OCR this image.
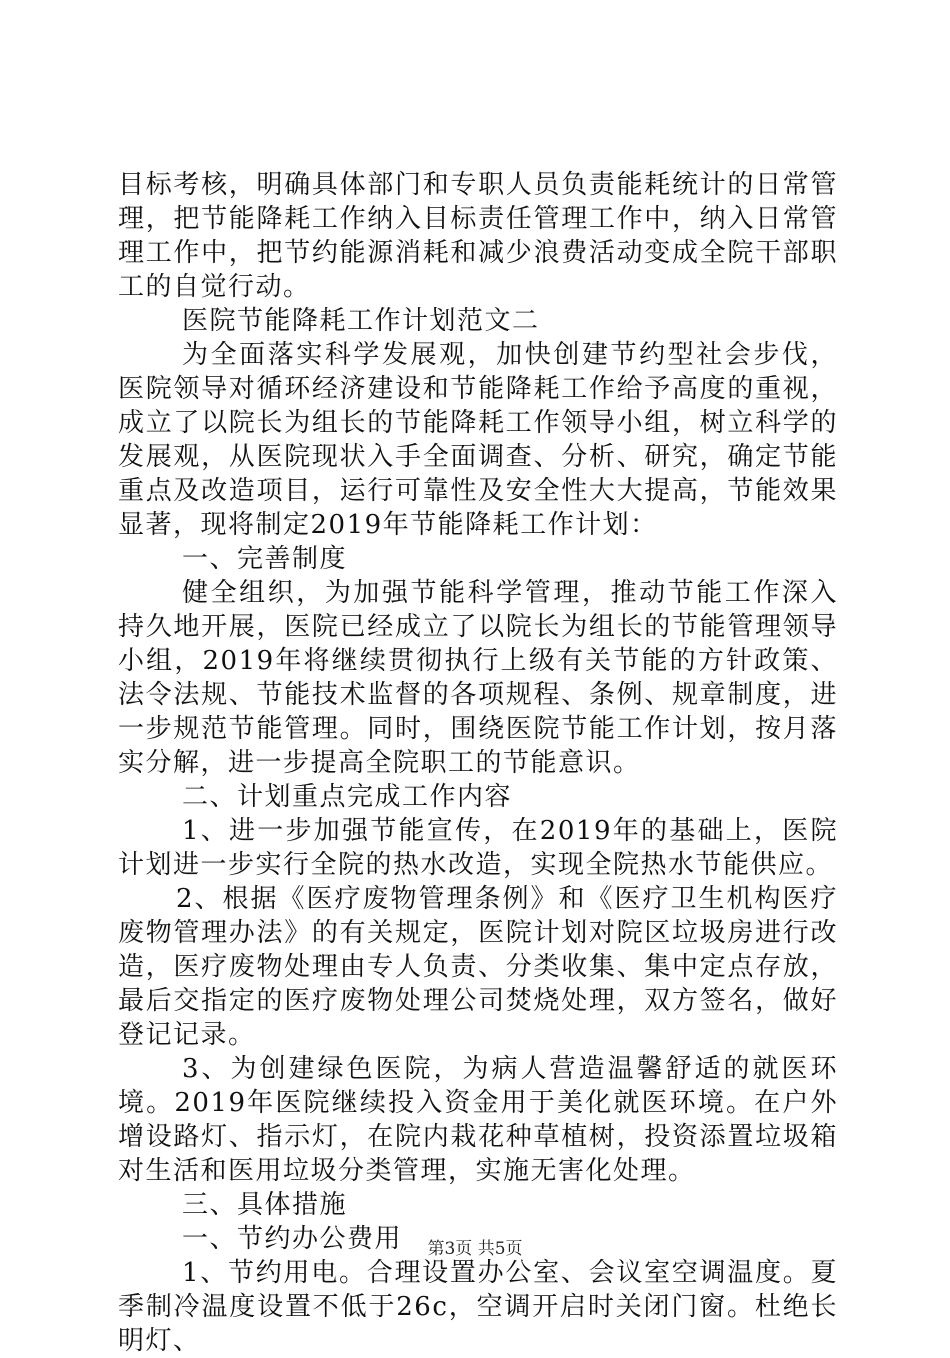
目标考核，明确具体部门和专职人员负责能耗统计的日常管理，把节能降耗工作纳入目标责任管理工作中，纳入日常管理工作中，把节约能源消耗和减少浪费活动变成全院干部职工的自觉行动。

医院节能降耗工作计划范文二

为全面落实科学发展观，加快创建节约型社会步伐，医院领导对循环经济建设和节能降耗工作给予高度的重视，成立了以院长为组长的节能降耗工作领导小组，树立科学的发展观，从医院现状入手全面调查、分析、研究，确定节能重点及改造项目，运行可靠性及安全性大大提高，节能效果显著，现将制定2019年节能降耗工作计划：

一、完善制度

健全组织，为加强节能科学管理，推动节能工作深入持久地开展，医院已经成立了以院长为组长的节能管理领导小组，2019年将继续贯彻执行上级有关节能的方针政策、法令法规、节能技术监督的各项规程、条例、规章制度，进一步规范节能管理。同时，围绕医院节能工作计划，按月落实分解，进一步提高全院职工的节能意识。

二、计划重点完成工作内容

1、进一步加强节能宣传，在2019年的基础上，医院计划进一步实行全院的热水改造，实现全院热水节能供应。

2、根据《医疗废物管理条例》和《医疗卫生机构医疗废物管理办法》的有关规定，医院计划对院区垃圾房进行改造，医疗废物处理由专人负责、分类收集、集中定点存放，最后交指定的医疗废物处理公司焚烧处理，双方签名，做好登记记录。

3、为创建绿色医院，为病人营造温馨舒适的就医环境。2019年医院继续投入资金用于美化就医环境。在户外增设路灯、指示灯，在院内栽花种草植树，投资添置垃圾箱对生活和医用垃圾分类管理，实施无害化处理。

三、具体措施

一、节约办公费用

1、节约用电。合理设置办公室、会议室空调温度。夏季制冷温度设置不低于26c，空调开启时关闭门窗。杜绝长明灯、

第3页 共5页
